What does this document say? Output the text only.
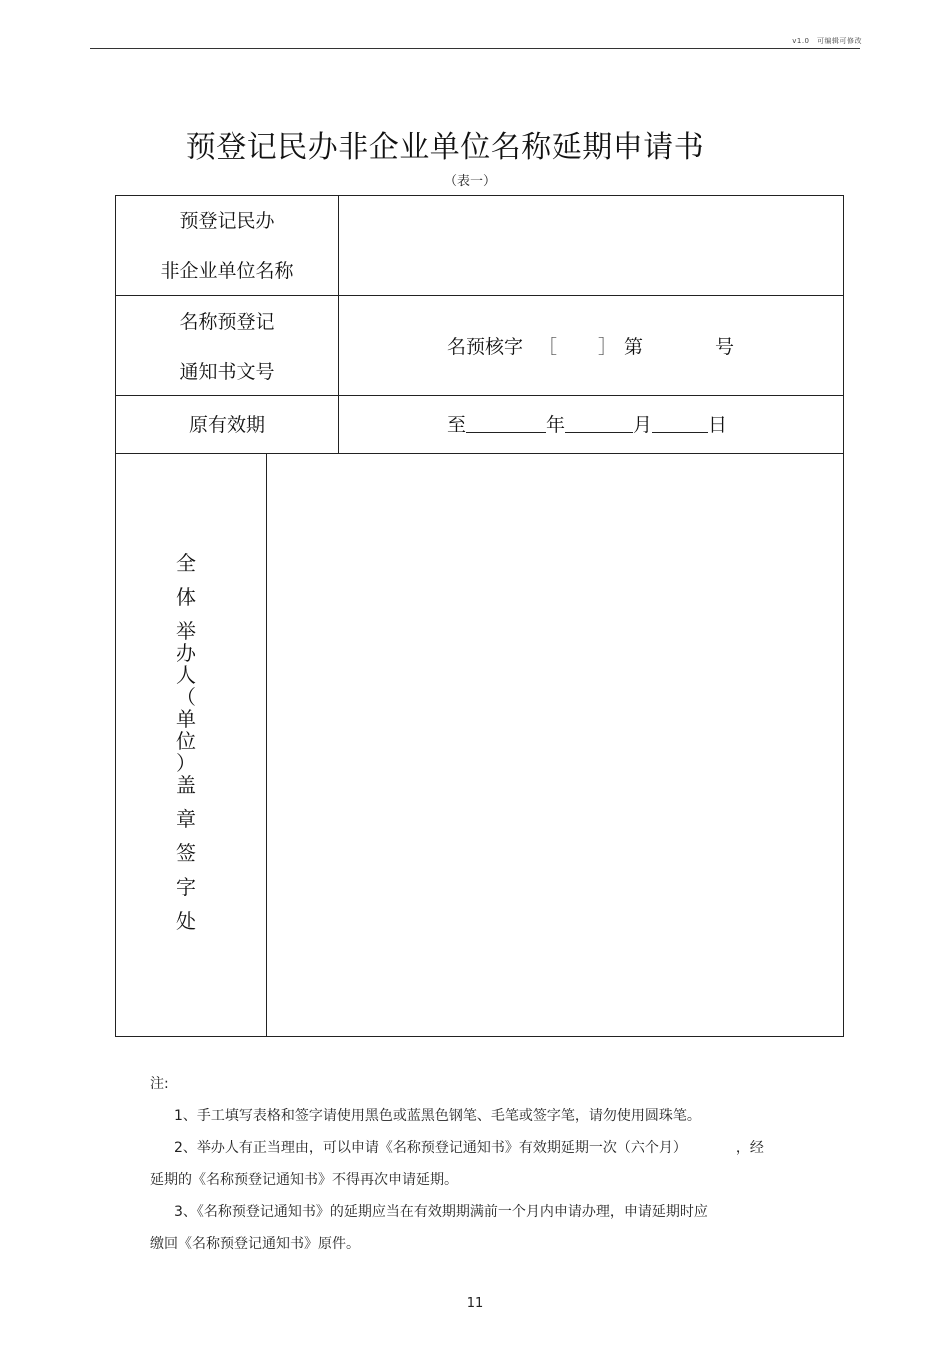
v1.0　可编辑可修改
预登记民办非企业单位名称延期申请书
（表一）
预登记民办
非企业单位名称
名称预登记
通知书文号
名预核字 ［ ］ 第	号
原有效期	至	年	月	日
全
体
举
办
人
（
单
位
）
盖
章
签
字
处

注:

1、手工填写表格和签字请使用黑色或蓝黑色钢笔、毛笔或签字笔，请勿使用圆珠笔。

2、举办人有正当理由，可以申请《名称预登记通知书》有效期延期一次（六个月）　　　　，经

延期的《名称预登记通知书》不得再次申请延期。

3、《名称预登记通知书》的延期应当在有效期期满前一个月内申请办理，申请延期时应

缴回《名称预登记通知书》原件。

11
